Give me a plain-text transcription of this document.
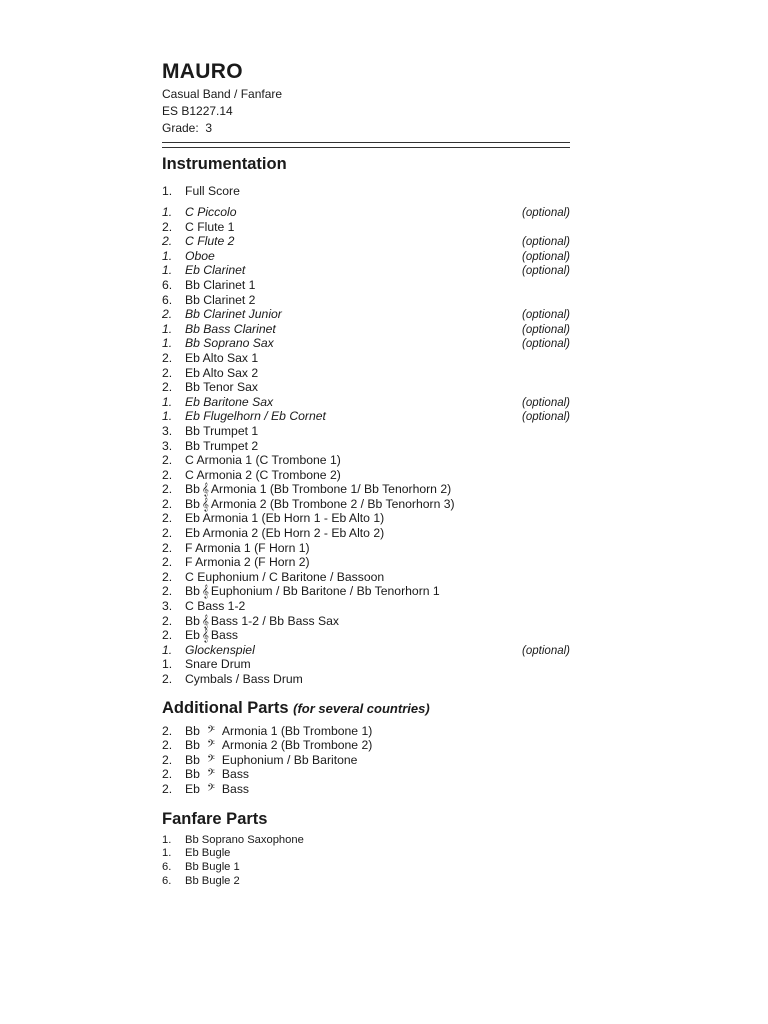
MAURO

Casual Band / Fanfare

ES B1227.14

Grade: 3

Instrumentation
1.	Full Score
1.	C Piccolo	(optional)
2.	C Flute 1
2.	C Flute 2	(optional)
1.	Oboe	(optional)
1.	Eb Clarinet	(optional)
6.	Bb Clarinet 1
6.	Bb Clarinet 2
2.	Bb Clarinet Junior	(optional)
1.	Bb Bass Clarinet	(optional)
1.	Bb Soprano Sax	(optional)
2.	Eb Alto Sax 1
2.	Eb Alto Sax 2
2.	Bb Tenor Sax
1.	Eb Baritone Sax	(optional)
1.	Eb Flugelhorn / Eb Cornet	(optional)
3.	Bb Trumpet 1
3.	Bb Trumpet 2
2.	C Armonia 1 (C Trombone 1)
2.	C Armonia 2 (C Trombone 2)
2.	Bb 𝄞 Armonia 1 (Bb Trombone 1/ Bb Tenorhorn 2)
2.	Bb 𝄞 Armonia 2 (Bb Trombone 2 / Bb Tenorhorn 3)
2.	Eb Armonia 1 (Eb Horn 1 - Eb Alto 1)
2.	Eb Armonia 2 (Eb Horn 2 - Eb Alto 2)
2.	F Armonia 1 (F Horn 1)
2.	F Armonia 2 (F Horn 2)
2.	C Euphonium / C Baritone / Bassoon
2.	Bb 𝄞 Euphonium / Bb Baritone / Bb Tenorhorn 1
3.	C Bass 1-2
2.	Bb 𝄞 Bass 1-2 / Bb Bass Sax
2.	Eb 𝄞 Bass
1.	Glockenspiel	(optional)
1.	Snare Drum
2.	Cymbals / Bass Drum
Additional Parts (for several countries)
2.	Bb 𝄢 Armonia 1 (Bb Trombone 1)
2.	Bb 𝄢 Armonia 2 (Bb Trombone 2)
2.	Bb 𝄢 Euphonium / Bb Baritone
2.	Bb 𝄢 Bass
2.	Eb 𝄢 Bass
Fanfare Parts
1.	Bb Soprano Saxophone
1.	Eb Bugle
6.	Bb Bugle 1
6.	Bb Bugle 2
